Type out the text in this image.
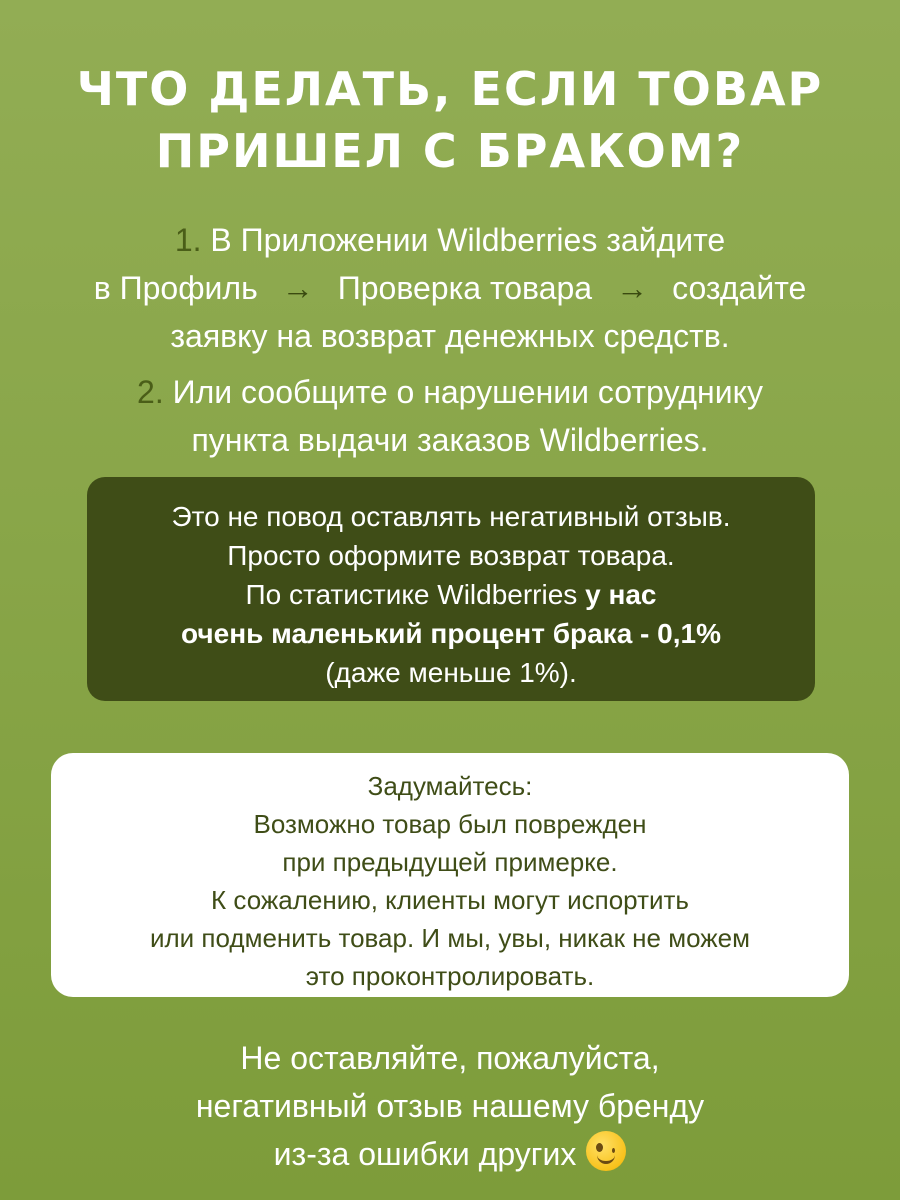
ЧТО ДЕЛАТЬ, ЕСЛИ ТОВАР
ПРИШЕЛ С БРАКОМ?
1. В Приложении Wildberries зайдите
в Профиль → Проверка товара → создайте
заявку на возврат денежных средств.
2. Или сообщите о нарушении сотруднику
пункта выдачи заказов Wildberries.
Это не повод оставлять негативный отзыв.
Просто оформите возврат товара.
По статистике Wildberries у нас
очень маленький процент брака - 0,1%
(даже меньше 1%).
Задумайтесь:
Возможно товар был поврежден
при предыдущей примерке.
К сожалению, клиенты могут испортить
или подменить товар. И мы, увы, никак не можем
это проконтролировать.
Не оставляйте, пожалуйста,
негативный отзыв нашему бренду
из-за ошибки других
